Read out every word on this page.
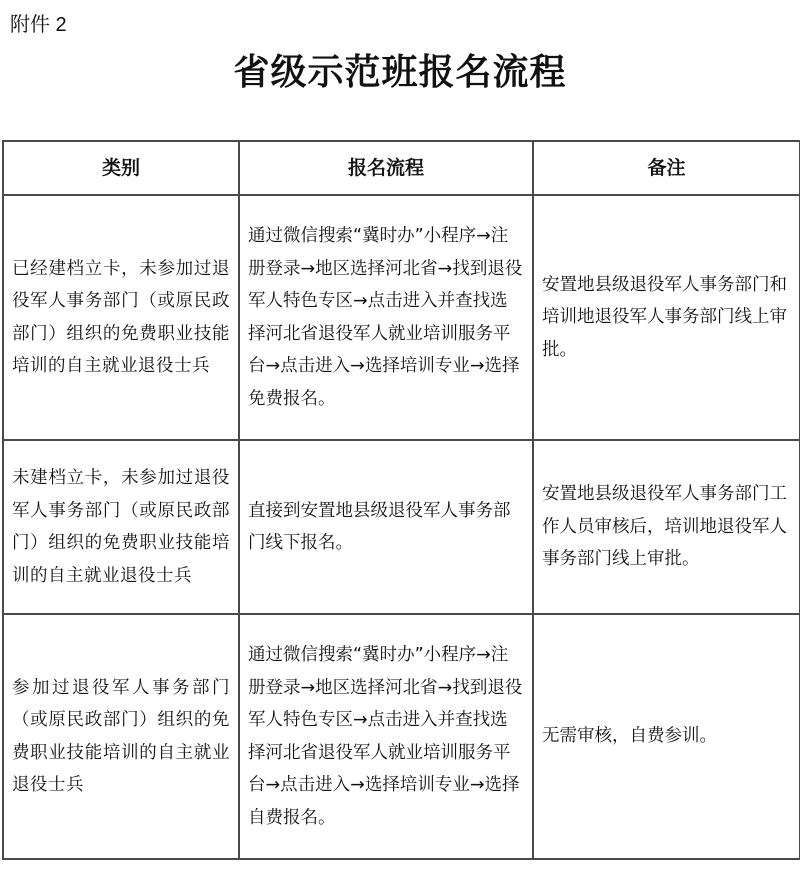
附件 2
省级示范班报名流程
类别	报名流程	备注
已经建档立卡，未参加过退役军人事务部门（或原民政部门）组织的免费职业技能培训的自主就业退役士兵	通过微信搜索“冀时办”小程序→注册登录→地区选择河北省→找到退役军人特色专区→点击进入并查找选择河北省退役军人就业培训服务平台→点击进入→选择培训专业→选择免费报名。	安置地县级退役军人事务部门和培训地退役军人事务部门线上审批。
未建档立卡，未参加过退役军人事务部门（或原民政部门）组织的免费职业技能培训的自主就业退役士兵	直接到安置地县级退役军人事务部门线下报名。	安置地县级退役军人事务部门工作人员审核后，培训地退役军人事务部门线上审批。
参加过退役军人事务部门（或原民政部门）组织的免费职业技能培训的自主就业退役士兵	通过微信搜索“冀时办”小程序→注册登录→地区选择河北省→找到退役军人特色专区→点击进入并查找选择河北省退役军人就业培训服务平台→点击进入→选择培训专业→选择自费报名。	无需审核，自费参训。
